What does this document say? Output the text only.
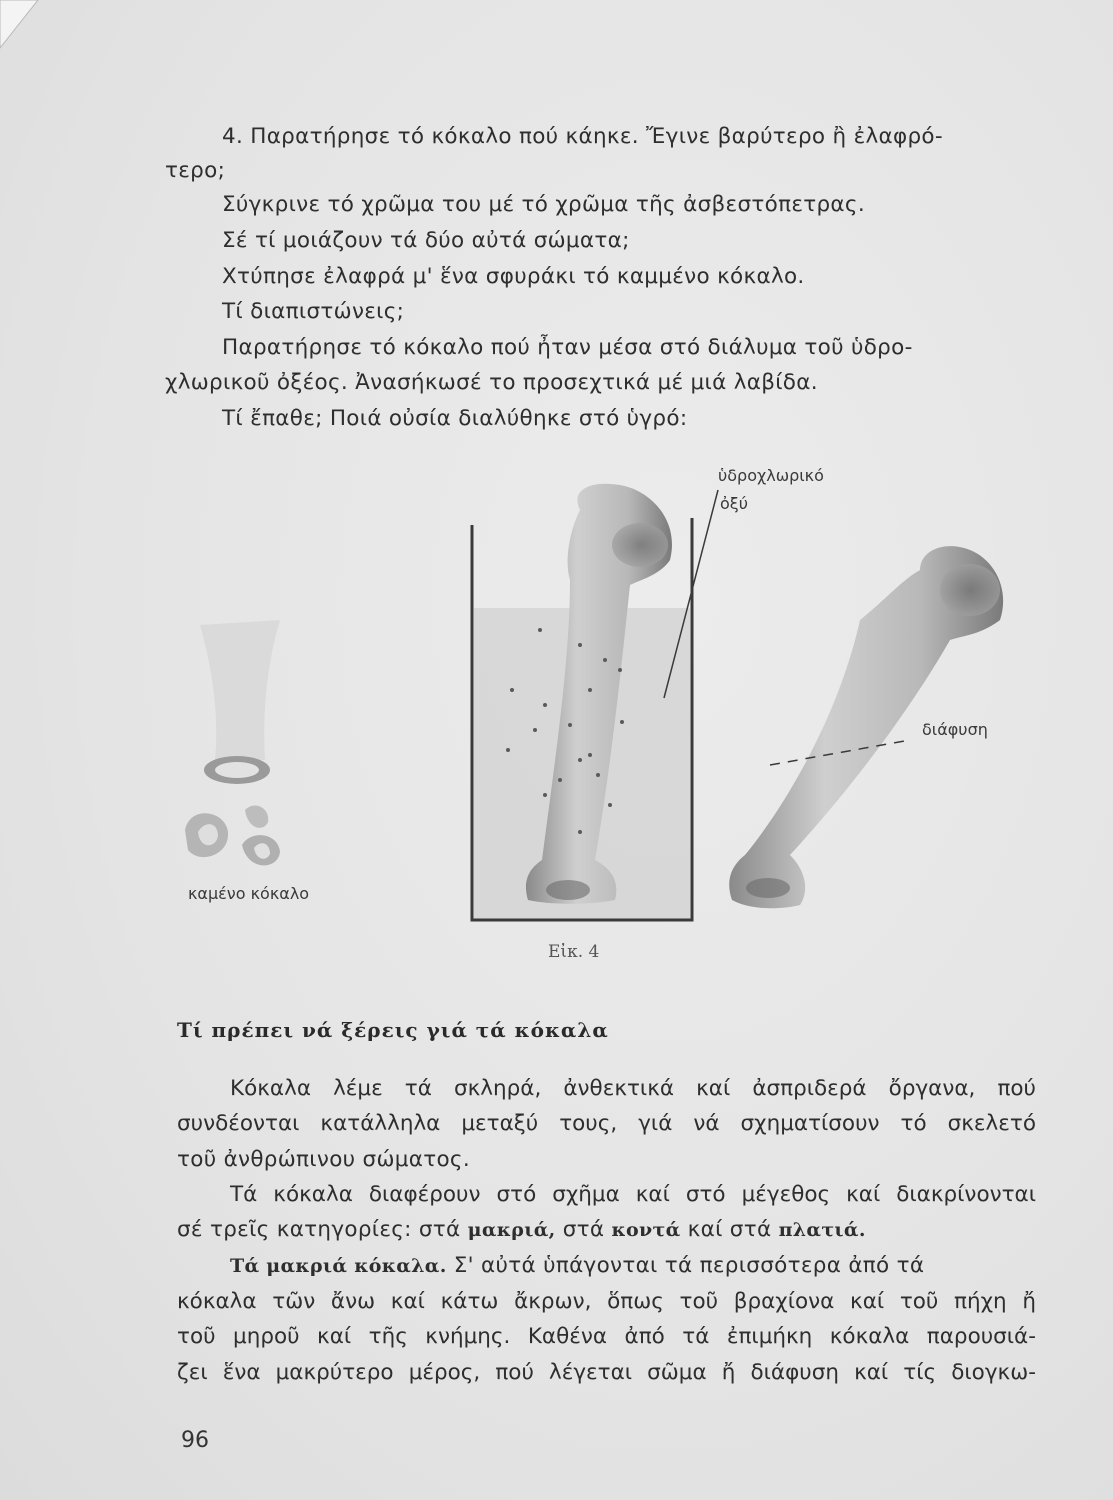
4. Παρατήρησε τό κόκαλο πού κάηκε. Ἔγινε βαρύτερο ἢ ἐλαφρό-
τερο;
Σύγκρινε τό χρῶμα του μέ τό χρῶμα τῆς ἀσβεστόπετρας.
Σέ τί μοιάζουν τά δύο αὐτά σώματα;
Χτύπησε ἐλαφρά μ' ἕνα σφυράκι τό καμμένο κόκαλο.
Τί διαπιστώνεις;
Παρατήρησε τό κόκαλο πού ἦταν μέσα στό διάλυμα τοῦ ὑδρο-
χλωρικοῦ ὀξέος. Ἀνασήκωσέ το προσεχτικά μέ μιά λαβίδα.
Τί ἔπαθε; Ποιά οὐσία διαλύθηκε στό ὑγρό:
ὑδροχλωρικό
ὀξύ
διάφυση
καμένο κόκαλο
Εἰκ. 4
Τί πρέπει νά ξέρεις γιά τά κόκαλα
Κόκαλα λέμε τά σκληρά, ἀνθεκτικά καί ἀσπριδερά ὄργανα, πού
συνδέονται κατάλληλα μεταξύ τους, γιά νά σχηματίσουν τό σκελετό
τοῦ ἀνθρώπινου σώματος.
Τά κόκαλα διαφέρουν στό σχῆμα καί στό μέγεθος καί διακρίνονται
σέ τρεῖς κατηγορίες: στά μακριά, στά κοντά καί στά πλατιά.
Τά μακριά κόκαλα. Σ' αὐτά ὑπάγονται τά περισσότερα ἀπό τά
κόκαλα τῶν ἄνω καί κάτω ἄκρων, ὅπως τοῦ βραχίονα καί τοῦ πήχη ἤ
τοῦ μηροῦ καί τῆς κνήμης. Καθένα ἀπό τά ἐπιμήκη κόκαλα παρουσιά-
ζει ἕνα μακρύτερο μέρος, πού λέγεται σῶμα ἤ διάφυση καί τίς διογκω-
96
